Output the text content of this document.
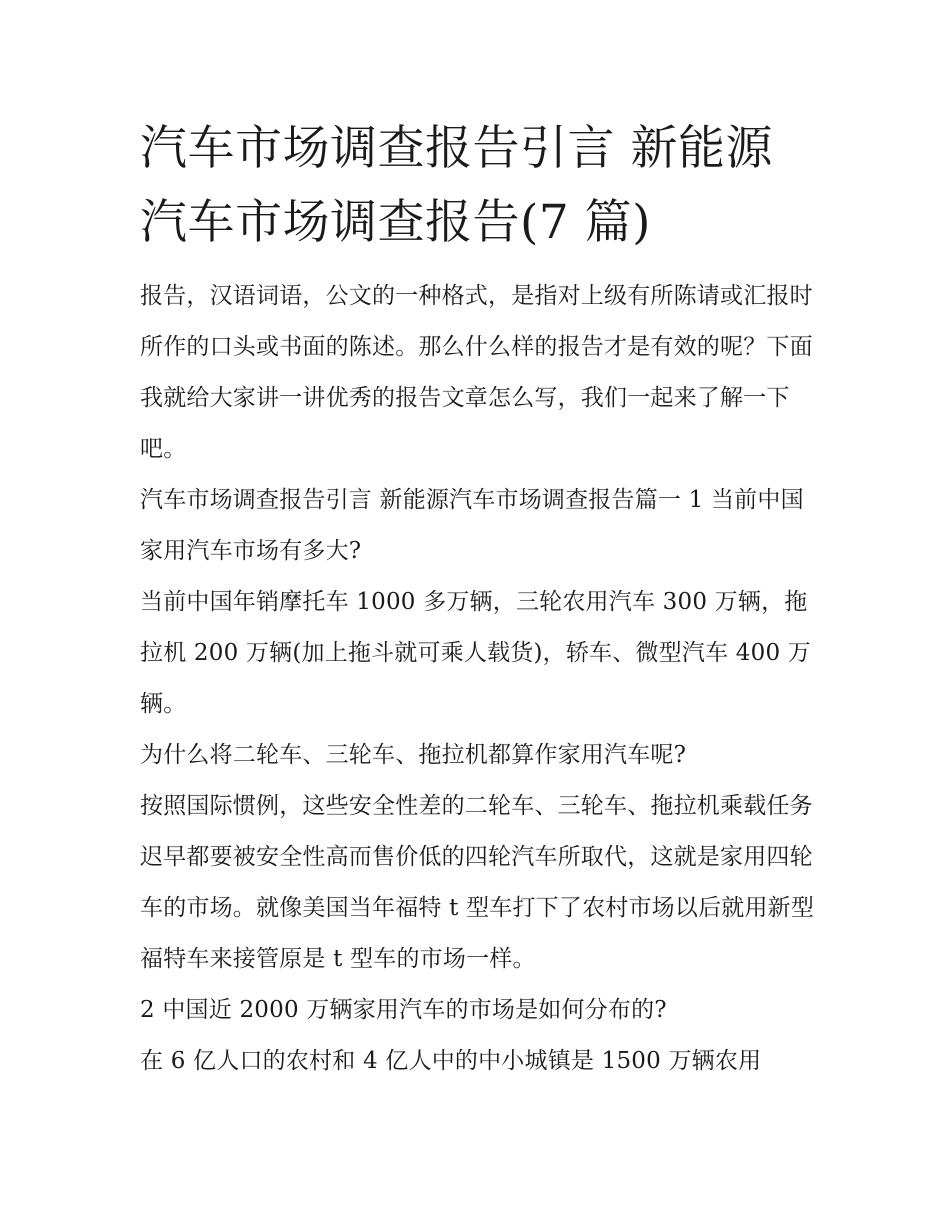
汽车市场调查报告引言 新能源
汽车市场调查报告(7 篇)

报告，汉语词语，公文的一种格式，是指对上级有所陈请或汇报时所作的口头或书面的陈述。那么什么样的报告才是有效的呢？下面我就给大家讲一讲优秀的报告文章怎么写，我们一起来了解一下吧。

汽车市场调查报告引言 新能源汽车市场调查报告篇一 1 当前中国家用汽车市场有多大?

当前中国年销摩托车 1000 多万辆，三轮农用汽车 300 万辆，拖拉机 200 万辆(加上拖斗就可乘人载货)，轿车、微型汽车 400 万辆。

为什么将二轮车、三轮车、拖拉机都算作家用汽车呢?

按照国际惯例，这些安全性差的二轮车、三轮车、拖拉机乘载任务迟早都要被安全性高而售价低的四轮汽车所取代，这就是家用四轮车的市场。就像美国当年福特 t 型车打下了农村市场以后就用新型福特车来接管原是 t 型车的市场一样。

2 中国近 2000 万辆家用汽车的市场是如何分布的?

在 6 亿人口的农村和 4 亿人中的中小城镇是 1500 万辆农用
